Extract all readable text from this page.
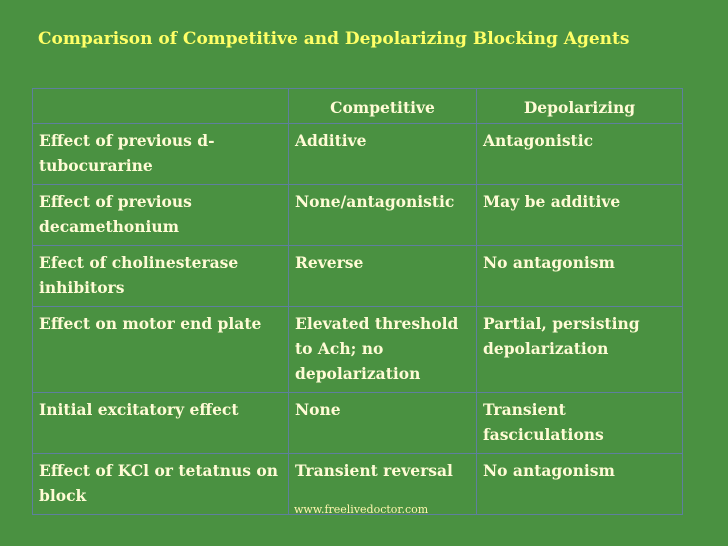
Comparison of Competitive and Depolarizing Blocking Agents
	Competitive	Depolarizing
Effect of previous d-tubocurarine	Additive	Antagonistic
Effect of previous decamethonium	None/antagonistic	May be additive
Efect of cholinesterase inhibitors	Reverse	No antagonism
Effect on motor end plate	Elevated threshold to Ach; no depolarization	Partial, persisting depolarization
Initial excitatory effect	None	Transient fasciculations
Effect of KCl or tetatnus on block	Transient reversal	No antagonism
www.freelivedoctor.com
